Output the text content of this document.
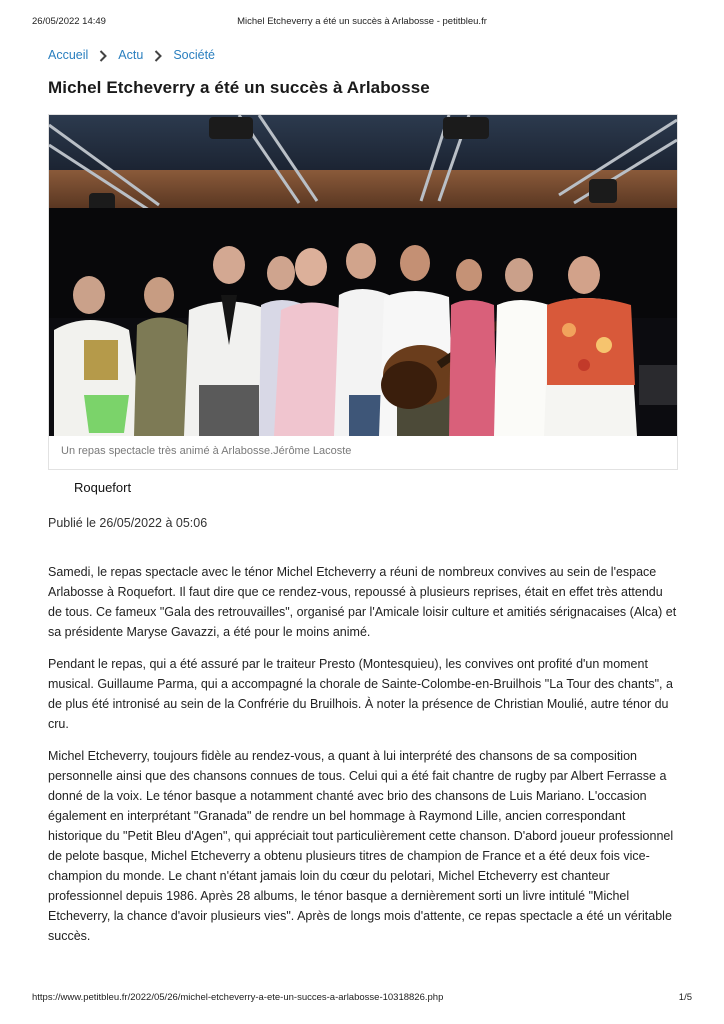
26/05/2022 14:49	Michel Etcheverry a été un succès à Arlabosse - petitbleu.fr
Accueil Actu Société
Michel Etcheverry a été un succès à Arlabosse
Un repas spectacle très animé à Arlabosse.Jérôme Lacoste
Roquefort
Publié le 26/05/2022 à 05:06

Samedi, le repas spectacle avec le ténor Michel Etcheverry a réuni de nombreux convives au sein de l'espace Arlabosse à Roquefort. Il faut dire que ce rendez-vous, repoussé à plusieurs reprises, était en effet très attendu de tous. Ce fameux "Gala des retrouvailles", organisé par l'Amicale loisir culture et amitiés sérignacaises (Alca) et sa présidente Maryse Gavazzi, a été pour le moins animé.

Pendant le repas, qui a été assuré par le traiteur Presto (Montesquieu), les convives ont profité d'un moment musical. Guillaume Parma, qui a accompagné la chorale de Sainte-Colombe-en-Bruilhois "La Tour des chants", a de plus été intronisé au sein de la Confrérie du Bruilhois. À noter la présence de Christian Moulié, autre ténor du cru.

Michel Etcheverry, toujours fidèle au rendez-vous, a quant à lui interprété des chansons de sa composition personnelle ainsi que des chansons connues de tous. Celui qui a été fait chantre de rugby par Albert Ferrasse a donné de la voix. Le ténor basque a notamment chanté avec brio des chansons de Luis Mariano. L'occasion également en interprétant "Granada" de rendre un bel hommage à Raymond Lille, ancien correspondant historique du "Petit Bleu d'Agen", qui appréciait tout particulièrement cette chanson. D'abord joueur professionnel de pelote basque, Michel Etcheverry a obtenu plusieurs titres de champion de France et a été deux fois vice-champion du monde. Le chant n'étant jamais loin du cœur du pelotari, Michel Etcheverry est chanteur professionnel depuis 1986. Après 28 albums, le ténor basque a dernièrement sorti un livre intitulé "Michel Etcheverry, la chance d'avoir plusieurs vies". Après de longs mois d'attente, ce repas spectacle a été un véritable succès.

https://www.petitbleu.fr/2022/05/26/michel-etcheverry-a-ete-un-succes-a-arlabosse-10318826.php	1/5
